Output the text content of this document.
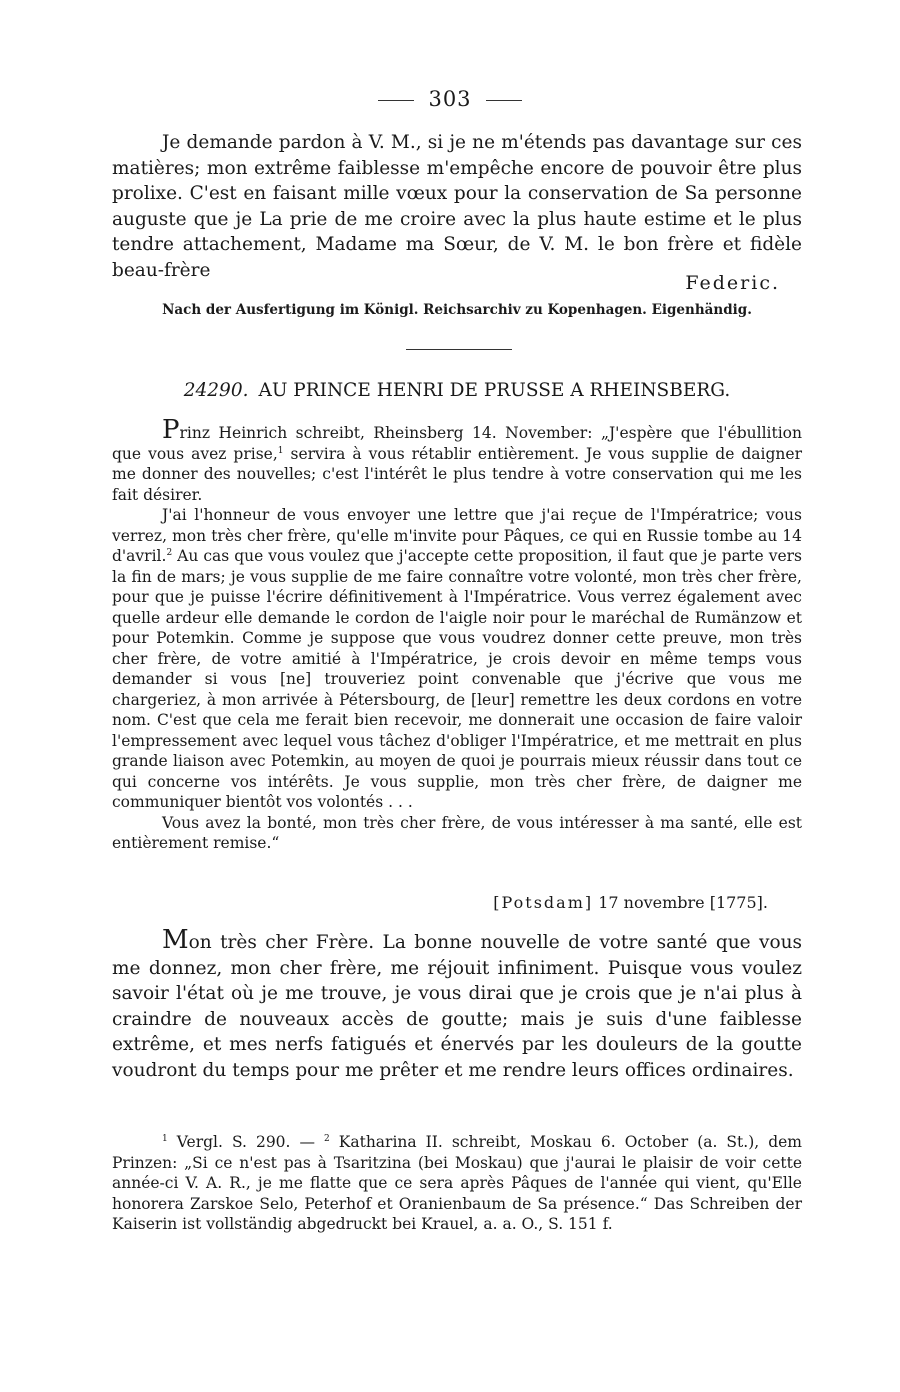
303

Je demande pardon à V. M., si je ne m'étends pas davantage sur ces matières; mon extrême faiblesse m'empêche encore de pouvoir être plus prolixe. C'est en faisant mille vœux pour la conservation de Sa personne auguste que je La prie de me croire avec la plus haute estime et le plus tendre attachement, Madame ma Sœur, de V. M. le bon frère et fidèle beau-frère

Federic.
Nach der Ausfertigung im Königl. Reichsarchiv zu Kopenhagen. Eigenhändig.
24290. AU PRINCE HENRI DE PRUSSE A RHEINSBERG.

Prinz Heinrich schreibt, Rheinsberg 14. November: „J'espère que l'ébullition que vous avez prise,$^1$ servira à vous rétablir entièrement. Je vous supplie de daigner me donner des nouvelles; c'est l'intérêt le plus tendre à votre conservation qui me les fait désirer.

J'ai l'honneur de vous envoyer une lettre que j'ai reçue de l'Impératrice; vous verrez, mon très cher frère, qu'elle m'invite pour Pâques, ce qui en Russie tombe au 14 d'avril.$^2$ Au cas que vous voulez que j'accepte cette proposition, il faut que je parte vers la fin de mars; je vous supplie de me faire connaître votre volonté, mon très cher frère, pour que je puisse l'écrire définitivement à l'Impératrice. Vous verrez également avec quelle ardeur elle demande le cordon de l'aigle noir pour le maréchal de Rumänzow et pour Potemkin. Comme je suppose que vous voudrez donner cette preuve, mon très cher frère, de votre amitié à l'Impératrice, je crois devoir en même temps vous demander si vous [ne] trouveriez point convenable que j'écrive que vous me chargeriez, à mon arrivée à Pétersbourg, de [leur] remettre les deux cordons en votre nom. C'est que cela me ferait bien recevoir, me donnerait une occasion de faire valoir l'empressement avec lequel vous tâchez d'obliger l'Impératrice, et me mettrait en plus grande liaison avec Potemkin, au moyen de quoi je pourrais mieux réussir dans tout ce qui concerne vos intérêts. Je vous supplie, mon très cher frère, de daigner me communiquer bientôt vos volontés . . .

Vous avez la bonté, mon très cher frère, de vous intéresser à ma santé, elle est entièrement remise.“

[Potsdam] 17 novembre [1775].

Mon très cher Frère. La bonne nouvelle de votre santé que vous me donnez, mon cher frère, me réjouit infiniment. Puisque vous voulez savoir l'état où je me trouve, je vous dirai que je crois que je n'ai plus à craindre de nouveaux accès de goutte; mais je suis d'une faiblesse extrême, et mes nerfs fatigués et énervés par les douleurs de la goutte voudront du temps pour me prêter et me rendre leurs offices ordinaires.

$^1$ Vergl. S. 290. — $^2$ Katharina II. schreibt, Moskau 6. October (a. St.), dem Prinzen: „Si ce n'est pas à Tsaritzina (bei Moskau) que j'aurai le plaisir de voir cette année-ci V. A. R., je me flatte que ce sera après Pâques de l'année qui vient, qu'Elle honorera Zarskoe Selo, Peterhof et Oranienbaum de Sa présence.“ Das Schreiben der Kaiserin ist vollständig abgedruckt bei Krauel, a. a. O., S. 151 f.
